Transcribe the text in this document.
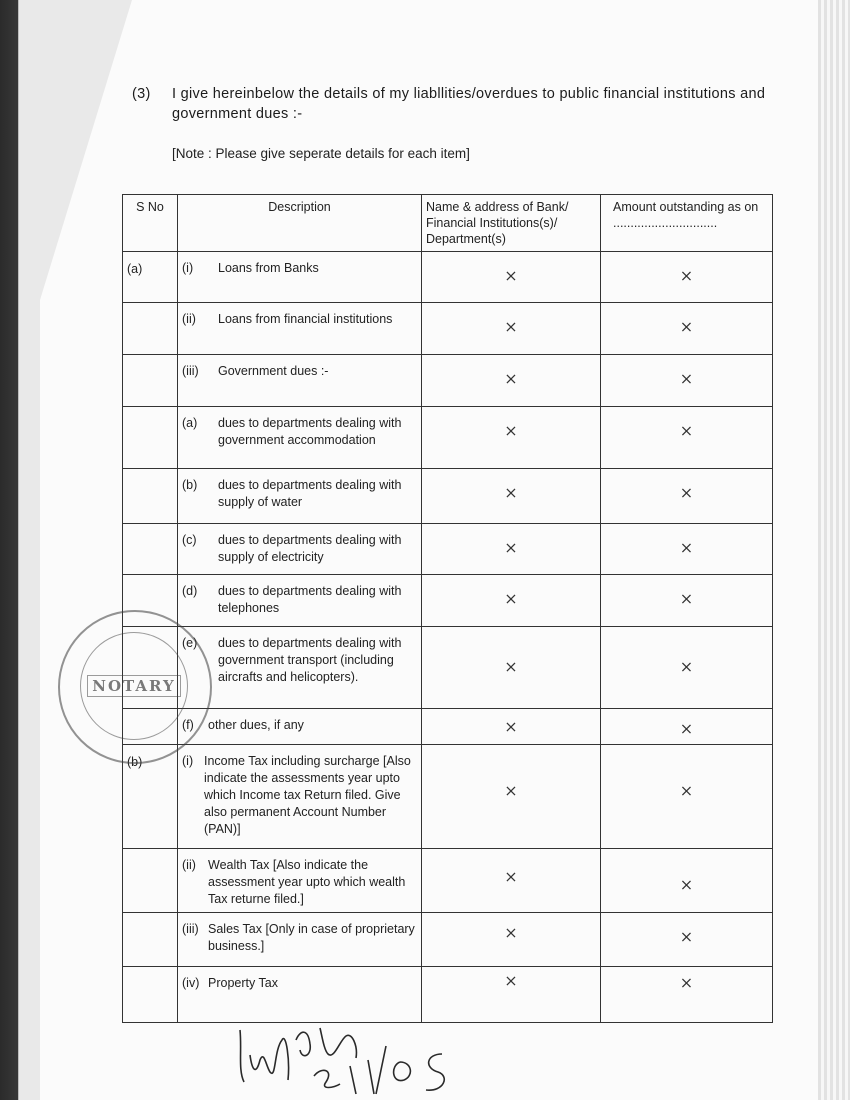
(3) I give hereinbelow the details of my liabllities/overdues to public financial institutions and government dues :-
[Note : Please give seperate details for each item]
S No	Description	Name & address of Bank/ Financial Institutions(s)/ Department(s)	Amount outstanding as on ..............................
(a)	(i) Loans from Banks	×	×

	(ii) Loans from financial institutions	×	×

	(iii) Government dues :-	×	×

	(a) dues to departments dealing with government accommodation	×	×

	(b) dues to departments dealing with supply of water	×	×

	(c) dues to departments dealing with supply of electricity	×	×

	(d) dues to departments dealing with telephones	×	×

	(e) dues to departments dealing with government transport (including aircrafts and helicopters).	×	×

	(f) other dues, if any	×	×

(b)	(i) Income Tax including surcharge [Also indicate the assessments year upto which Income tax Return filed. Give also permanent Account Number (PAN)]	×	×

	(ii) Wealth Tax [Also indicate the assessment year upto which wealth Tax returne filed.]	×	×

	(iii) Sales Tax [Only in case of proprietary business.]	×	×

	(iv) Property Tax	×	×
NOTARY
